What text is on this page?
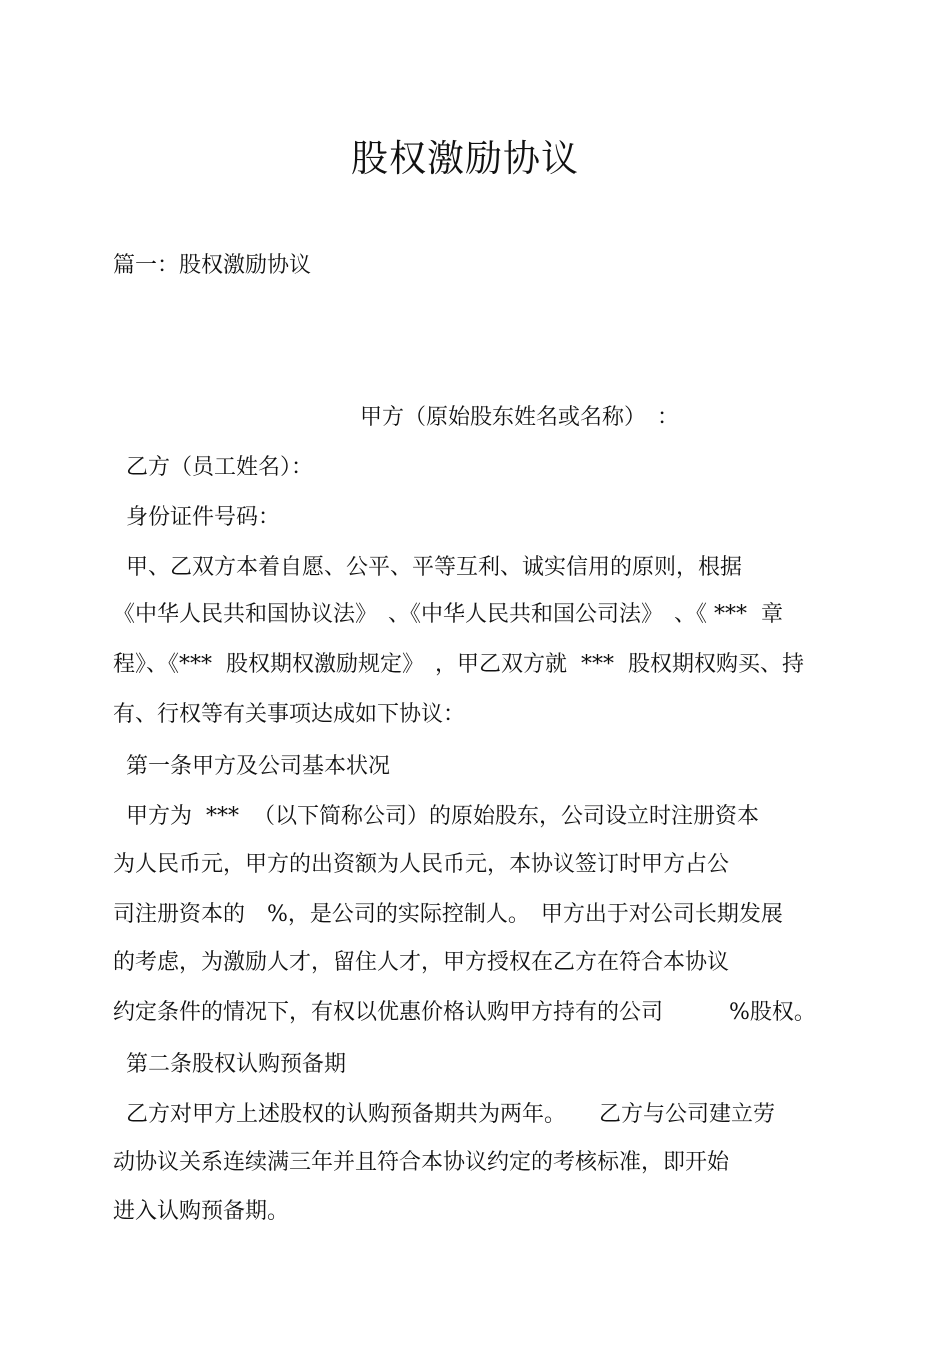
股权激励协议
篇一：股权激励协议
甲方（原始股东姓名或名称）　：
乙方（员工姓名）：
身份证件号码：
甲、乙双方本着自愿、公平、平等互利、诚实信用的原则，根据
《中华人民共和国协议法》　、《中华人民共和国公司法》　、《 ***  章
程》、《***  股权期权激励规定》　，甲乙双方就  ***  股权期权购买、持
有、行权等有关事项达成如下协议：
第一条甲方及公司基本状况
甲方为  ***  （以下简称公司）的原始股东，公司设立时注册资本
为人民币元，甲方的出资额为人民币元，本协议签订时甲方占公
司注册资本的　%，是公司的实际控制人。　甲方出于对公司长期发展
的考虑，为激励人才，留住人才，甲方授权在乙方在符合本协议
约定条件的情况下，有权以优惠价格认购甲方持有的公司　　　%股权。
第二条股权认购预备期
乙方对甲方上述股权的认购预备期共为两年。　　乙方与公司建立劳
动协议关系连续满三年并且符合本协议约定的考核标准，即开始
进入认购预备期。
